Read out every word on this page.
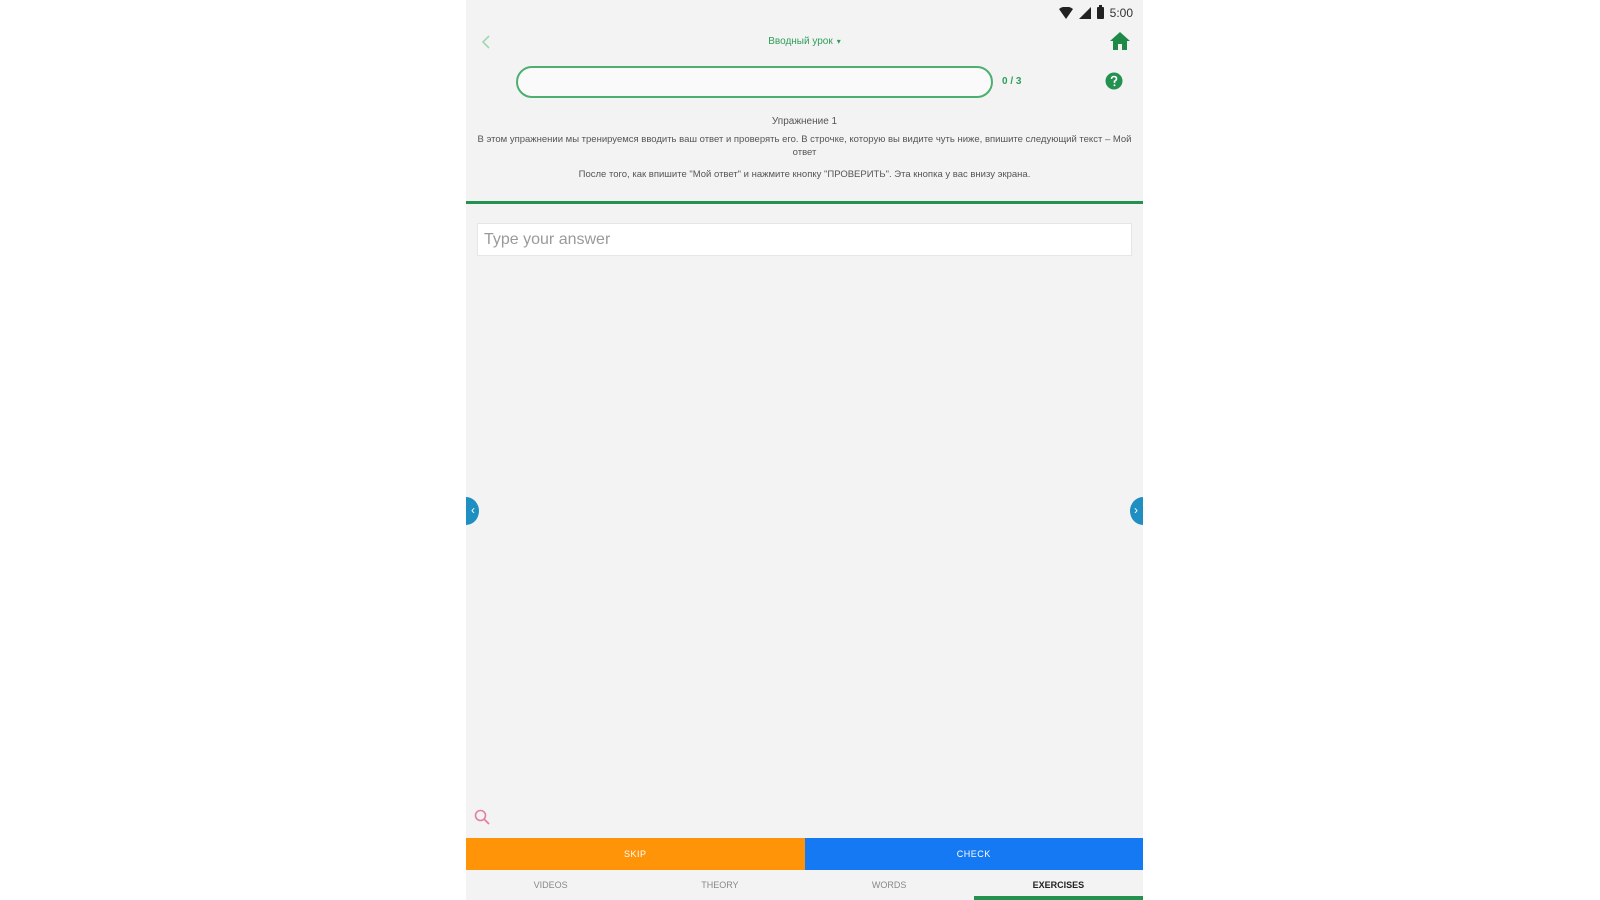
5:00
Вводный урок ▾
0 / 3
Упражнение 1
В этом упражнении мы тренируемся вводить ваш ответ и проверять его. В строчке, которую вы видите чуть ниже, впишите следующий текст – Мой ответ
После того, как впишите "Мой ответ" и нажмите кнопку "ПРОВЕРИТЬ". Эта кнопка у вас внизу экрана.
Type your answer
‹	›
SKIP	CHECK
VIDEOS	THEORY	WORDS	EXERCISES
